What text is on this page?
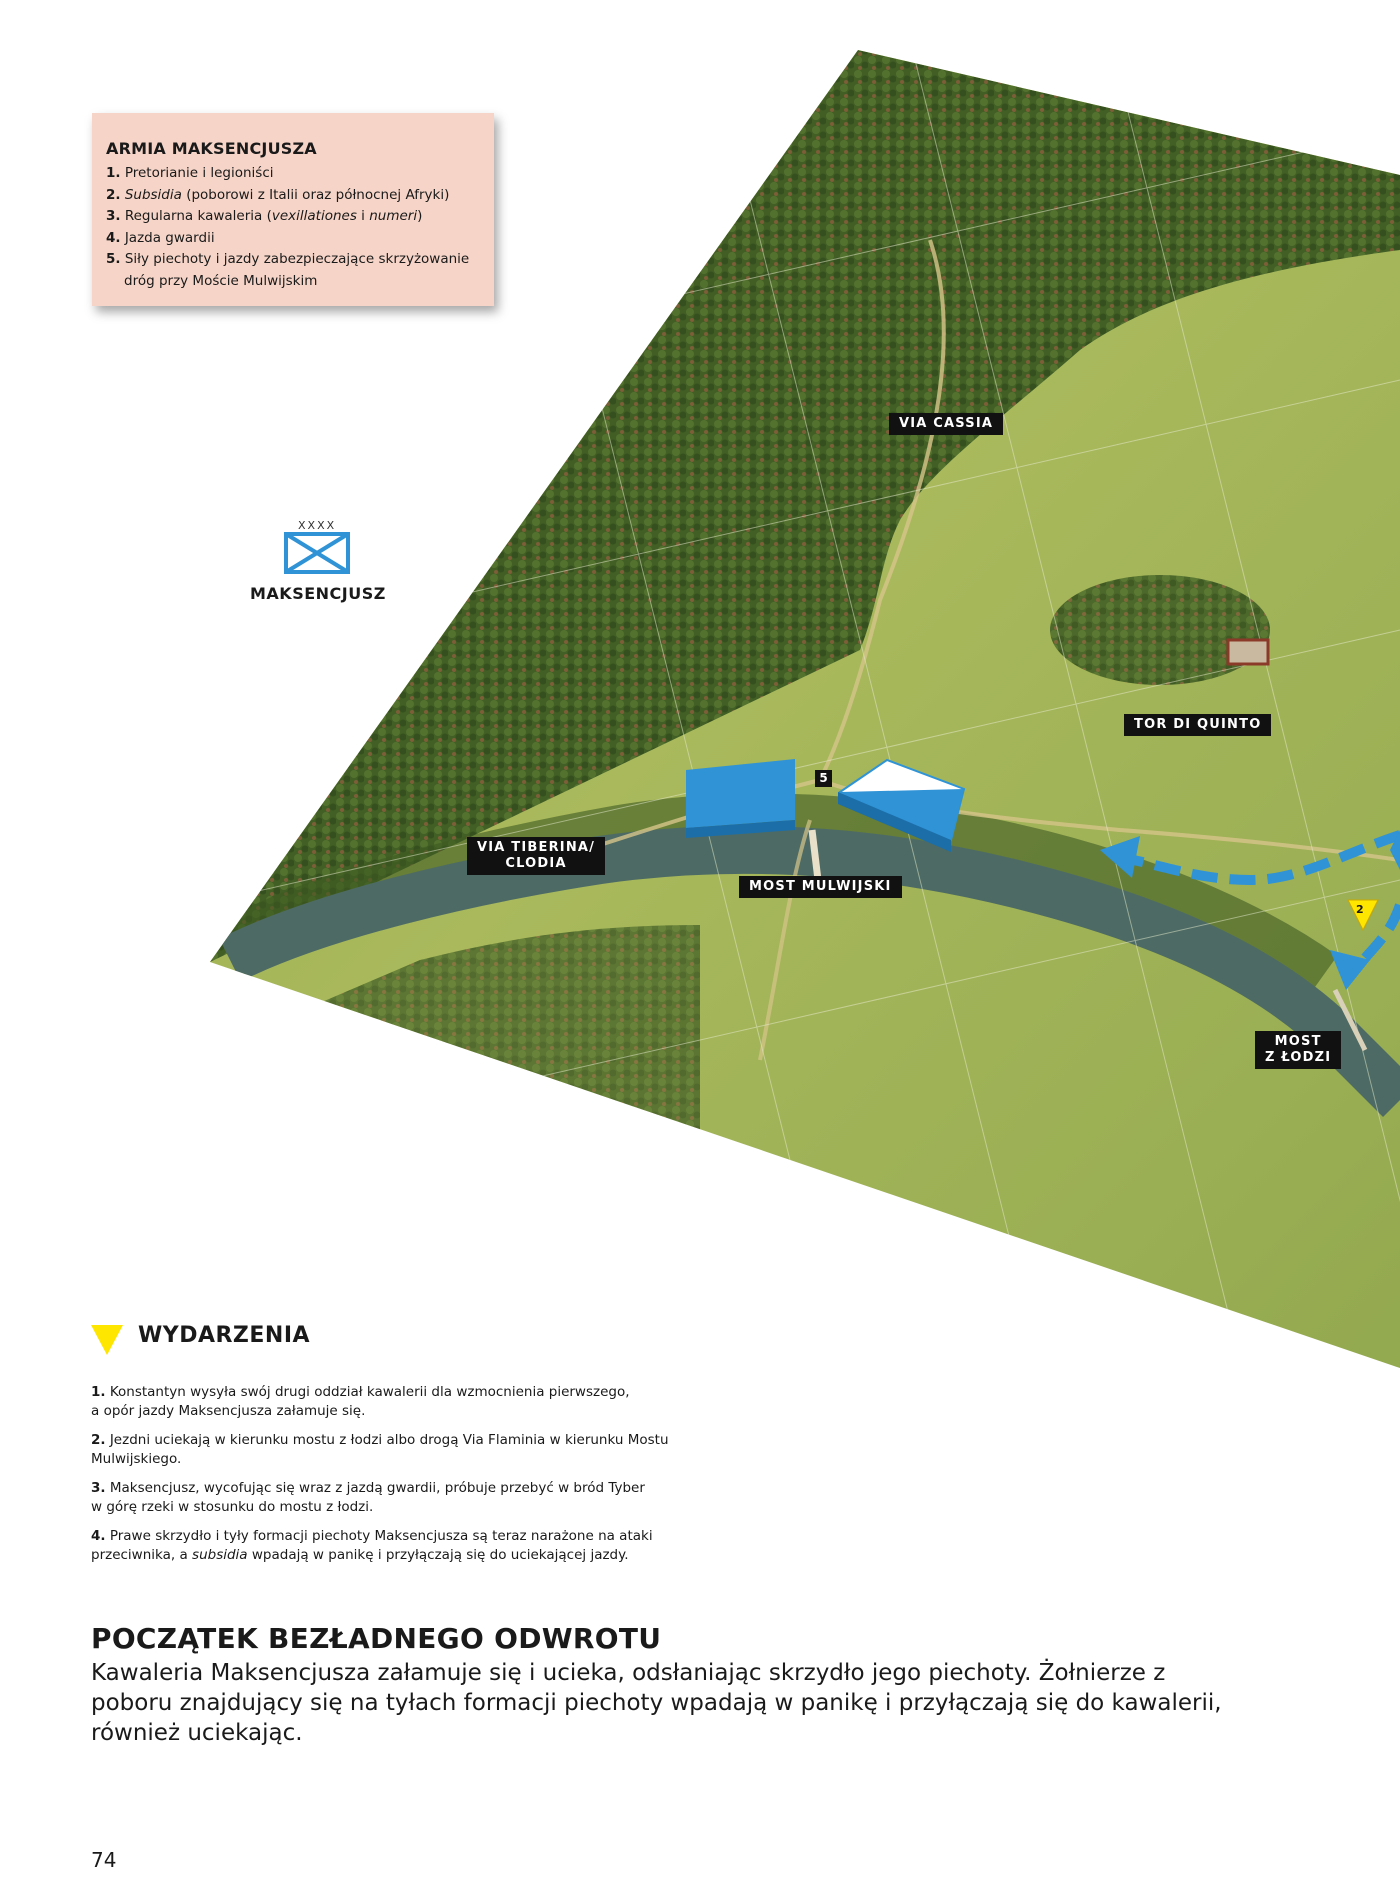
ARMIA MAKSENCJUSZA
1. Pretorianie i legioniści
2. Subsidia (poborowi z Italii oraz północnej Afryki)
3. Regularna kawaleria (vexillationes i numeri)
4. Jazda gwardii
5. Siły piechoty i jazdy zabezpieczające skrzyżowanie
dróg przy Moście Mulwijskim
XXXX
MAKSENCJUSZ
VIA CASSIA
TOR DI QUINTO
VIA TIBERINA/
CLODIA
MOST MULWIJSKI
MOST
Z ŁODZI
5
2
WYDARZENIA

1. Konstantyn wysyła swój drugi oddział kawalerii dla wzmocnienia pierwszego,
a opór jazdy Maksencjusza załamuje się.

2. Jezdni uciekają w kierunku mostu z łodzi albo drogą Via Flaminia w kierunku Mostu
Mulwijskiego.

3. Maksencjusz, wycofując się wraz z jazdą gwardii, próbuje przebyć w bród Tyber
w górę rzeki w stosunku do mostu z łodzi.

4. Prawe skrzydło i tyły formacji piechoty Maksencjusza są teraz narażone na ataki
przeciwnika, a subsidia wpadają w panikę i przyłączają się do uciekającej jazdy.

POCZĄTEK BEZŁADNEGO ODWROTU
Kawaleria Maksencjusza załamuje się i ucieka, odsłaniając skrzydło jego piechoty. Żołnierze z poboru znajdujący się na tyłach formacji piechoty wpadają w panikę i przyłączają się do kawalerii, również uciekając.
74
